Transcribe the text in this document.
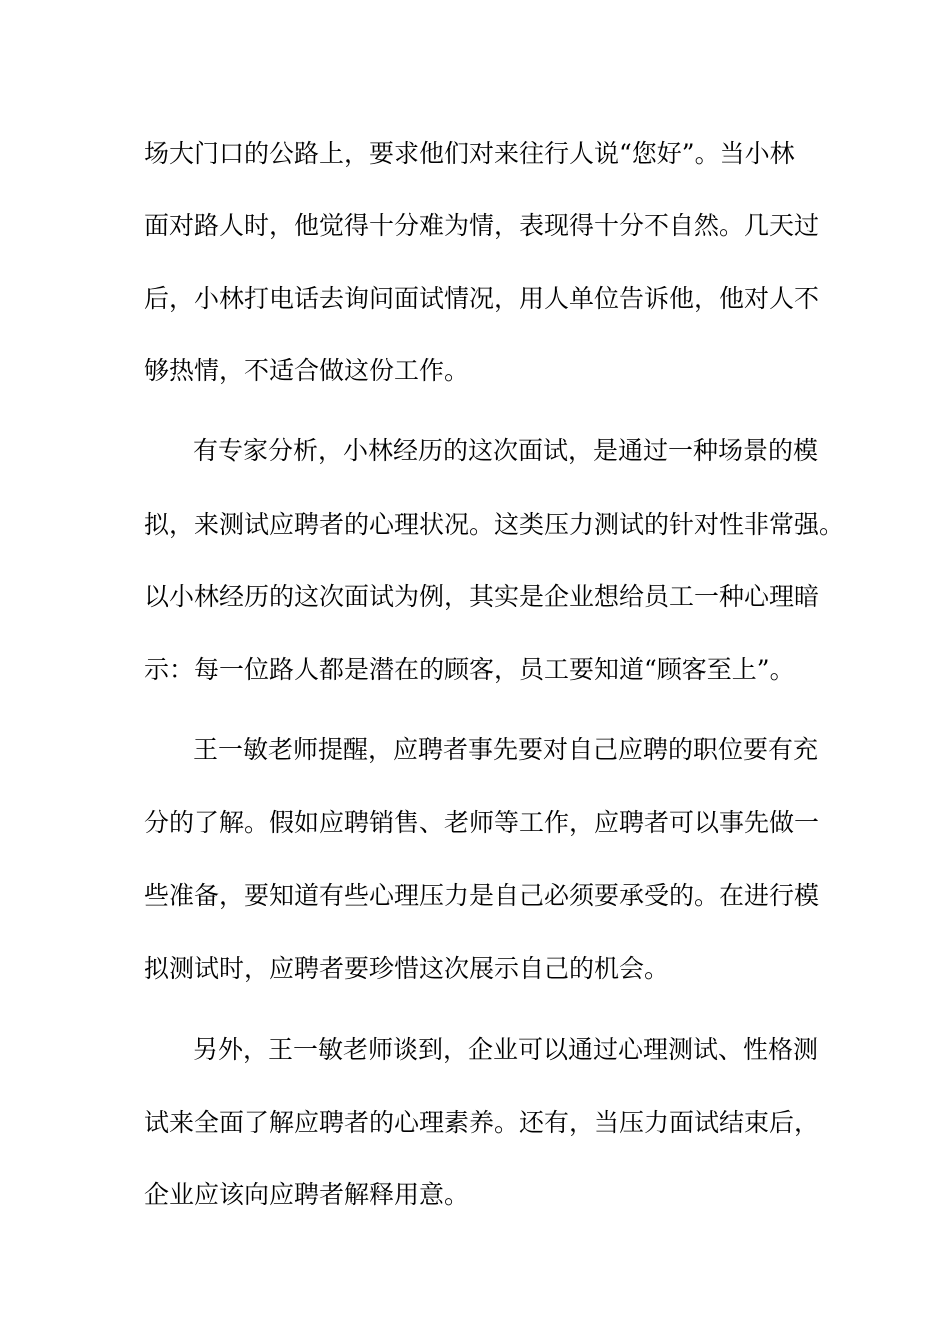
场大门口的公路上，要求他们对来往行人说“您好”。当小林
面对路人时，他觉得十分难为情，表现得十分不自然。几天过
后，小林打电话去询问面试情况，用人单位告诉他，他对人不
够热情，不适合做这份工作。
有专家分析，小林经历的这次面试，是通过一种场景的模
拟，来测试应聘者的心理状况。这类压力测试的针对性非常强。
以小林经历的这次面试为例，其实是企业想给员工一种心理暗
示：每一位路人都是潜在的顾客，员工要知道“顾客至上”。
王一敏老师提醒，应聘者事先要对自己应聘的职位要有充
分的了解。假如应聘销售、老师等工作，应聘者可以事先做一
些准备，要知道有些心理压力是自己必须要承受的。在进行模
拟测试时，应聘者要珍惜这次展示自己的机会。
另外，王一敏老师谈到，企业可以通过心理测试、性格测
试来全面了解应聘者的心理素养。还有，当压力面试结束后，
企业应该向应聘者解释用意。
